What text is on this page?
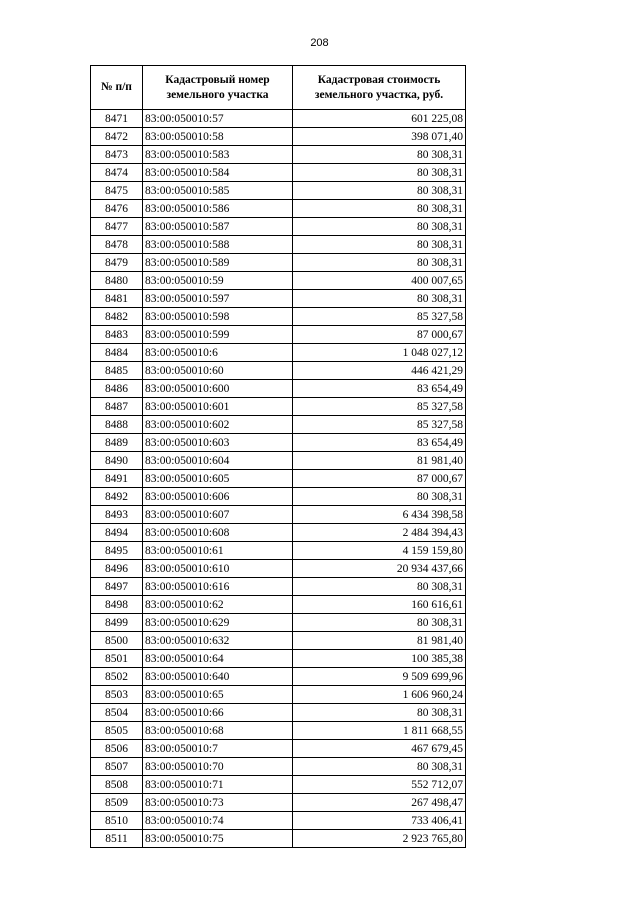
208
№ п/п	Кадастровый номер земельного участка	Кадастровая стоимость земельного участка, руб.
8471	83:00:050010:57	601 225,08
8472	83:00:050010:58	398 071,40
8473	83:00:050010:583	80 308,31
8474	83:00:050010:584	80 308,31
8475	83:00:050010:585	80 308,31
8476	83:00:050010:586	80 308,31
8477	83:00:050010:587	80 308,31
8478	83:00:050010:588	80 308,31
8479	83:00:050010:589	80 308,31
8480	83:00:050010:59	400 007,65
8481	83:00:050010:597	80 308,31
8482	83:00:050010:598	85 327,58
8483	83:00:050010:599	87 000,67
8484	83:00:050010:6	1 048 027,12
8485	83:00:050010:60	446 421,29
8486	83:00:050010:600	83 654,49
8487	83:00:050010:601	85 327,58
8488	83:00:050010:602	85 327,58
8489	83:00:050010:603	83 654,49
8490	83:00:050010:604	81 981,40
8491	83:00:050010:605	87 000,67
8492	83:00:050010:606	80 308,31
8493	83:00:050010:607	6 434 398,58
8494	83:00:050010:608	2 484 394,43
8495	83:00:050010:61	4 159 159,80
8496	83:00:050010:610	20 934 437,66
8497	83:00:050010:616	80 308,31
8498	83:00:050010:62	160 616,61
8499	83:00:050010:629	80 308,31
8500	83:00:050010:632	81 981,40
8501	83:00:050010:64	100 385,38
8502	83:00:050010:640	9 509 699,96
8503	83:00:050010:65	1 606 960,24
8504	83:00:050010:66	80 308,31
8505	83:00:050010:68	1 811 668,55
8506	83:00:050010:7	467 679,45
8507	83:00:050010:70	80 308,31
8508	83:00:050010:71	552 712,07
8509	83:00:050010:73	267 498,47
8510	83:00:050010:74	733 406,41
8511	83:00:050010:75	2 923 765,80
